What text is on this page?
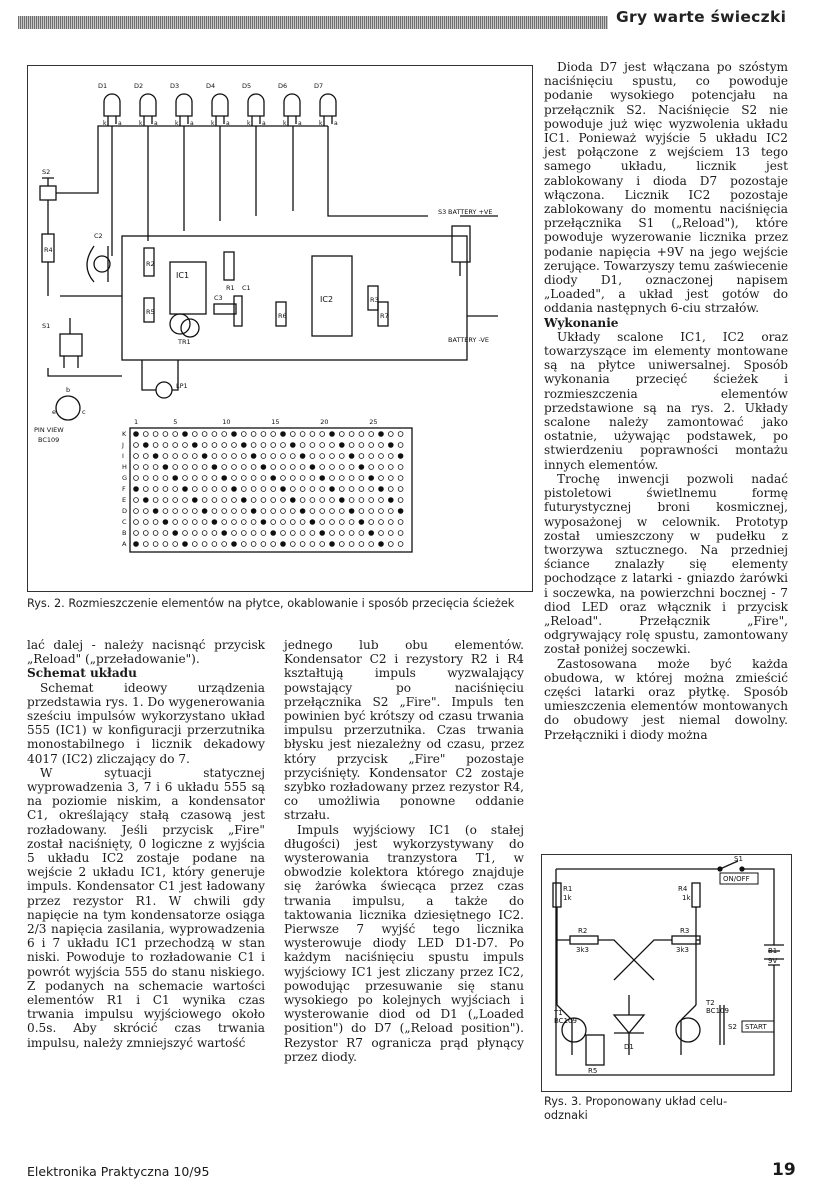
Gry warte świeczki
D1	D2	D3	D4	D5	D6	D7
S2
S1
S3 BATTERY +VE
BATTERY -VE
LP1
TR1
IC1
IC2
C1
C2
C3
R1
R2
R3
R4
R5	R6	R7
PIN VIEW
BC109
b
c
e
1	5	10	15	20	25
K
J
I
H
G
F
E
D
C
B
A
k a	k a	k a	k a	k a	k a	k a
Rys. 2. Rozmieszczenie elementów na płytce, okablowanie i sposób przecięcia ścieżek

lać dalej - należy nacisnąć przycisk „Reload" („przeładowanie").

Schemat układu

Schemat ideowy urządzenia przedstawia rys. 1. Do wygenerowania sześciu impulsów wykorzystano układ 555 (IC1) w konfiguracji przerzutnika monostabilnego i licznik dekadowy 4017 (IC2) zliczający do 7.

W sytuacji statycznej wyprowadzenia 3, 7 i 6 układu 555 są na poziomie niskim, a kondensator C1, określający stałą czasową jest rozładowany. Jeśli przycisk „Fire" został naciśnięty, 0 logiczne z wyjścia 5 układu IC2 zostaje podane na wejście 2 układu IC1, który generuje impuls. Kondensator C1 jest ładowany przez rezystor R1. W chwili gdy napięcie na tym kondensatorze osiąga 2/3 napięcia zasilania, wyprowadzenia 6 i 7 układu IC1 przechodzą w stan niski. Powoduje to rozładowanie C1 i powrót wyjścia 555 do stanu niskiego. Z podanych na schemacie wartości elementów R1 i C1 wynika czas trwania impulsu wyjściowego około 0.5s. Aby skrócić czas trwania impulsu, należy zmniejszyć wartość

jednego lub obu elementów. Kondensator C2 i rezystory R2 i R4 kształtują impuls wyzwalający powstający po naciśnięciu przełącznika S2 „Fire". Impuls ten powinien być krótszy od czasu trwania impulsu przerzutnika. Czas trwania błysku jest niezależny od czasu, przez który przycisk „Fire" pozostaje przyciśnięty. Kondensator C2 zostaje szybko rozładowany przez rezystor R4, co umożliwia ponowne oddanie strzału.

Impuls wyjściowy IC1 (o stałej długości) jest wykorzystywany do wysterowania tranzystora T1, w obwodzie kolektora którego znajduje się żarówka świecąca przez czas trwania impulsu, a także do taktowania licznika dziesiętnego IC2. Pierwsze 7 wyjść tego licznika wysterowuje diody LED D1-D7. Po każdym naciśnięciu spustu impuls wyjściowy IC1 jest zliczany przez IC2, powodując przesuwanie się stanu wysokiego po kolejnych wyjściach i wysterowanie diod od D1 („Loaded position") do D7 („Reload position"). Rezystor R7 ogranicza prąd płynący przez diody.

Dioda D7 jest włączana po szóstym naciśnięciu spustu, co powoduje podanie wysokiego potencjału na przełącznik S2. Naciśnięcie S2 nie powoduje już więc wyzwolenia układu IC1. Ponieważ wyjście 5 układu IC2 jest połączone z wejściem 13 tego samego układu, licznik jest zablokowany i dioda D7 pozostaje włączona. Licznik IC2 pozostaje zablokowany do momentu naciśnięcia przełącznika S1 („Reload"), które powoduje wyzerowanie licznika przez podanie napięcia +9V na jego wejście zerujące. Towarzyszy temu zaświecenie diody D1, oznaczonej napisem „Loaded", a układ jest gotów do oddania następnych 6-ciu strzałów.

Wykonanie

Układy scalone IC1, IC2 oraz towarzyszące im elementy montowane są na płytce uniwersalnej. Sposób wykonania przecięć ścieżek i rozmieszczenia elementów przedstawione są na rys. 2. Układy scalone należy zamontować jako ostatnie, używając podstawek, po stwierdzeniu poprawności montażu innych elementów.

Trochę inwencji pozwoli nadać pistoletowi świetlnemu formę futurystycznej broni kosmicznej, wyposażonej w celownik. Prototyp został umieszczony w pudełku z tworzywa sztucznego. Na przedniej ściance znalazły się elementy pochodzące z latarki - gniazdo żarówki i soczewka, na powierzchni bocznej - 7 diod LED oraz włącznik i przycisk „Reload". Przełącznik „Fire", odgrywający rolę spustu, zamontowany został poniżej soczewki.

Zastosowana może być każda obudowa, w której można zmieścić części latarki oraz płytkę. Sposób umieszczenia elementów montowanych do obudowy jest niemal dowolny. Przełączniki i diody można

S1
ON/OFF
R1
1k
R2
3k3
R3
3k3
R4
1k
B1
9V
T1
BC109
T2
BC109
S2 START
D1
R5
Rys. 3. Proponowany układ celu-odznaki
Elektronika Praktyczna 10/95	19
